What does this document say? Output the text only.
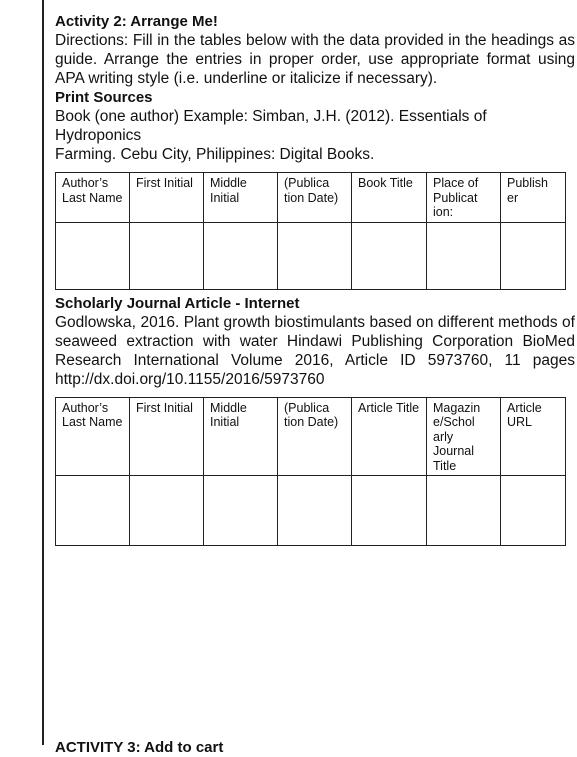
Activity 2: Arrange Me!

Directions: Fill in the tables below with the data provided in the headings as guide. Arrange the entries in proper order, use appropriate format using APA writing style (i.e. underline or italicize if necessary).

Print Sources

Book (one author) Example: Simban, J.H. (2012). Essentials of

Hydroponics

Farming. Cebu City, Philippines: Digital Books.

Author’s Last Name	First Initial	Middle Initial	(Publica tion Date)	Book Title	Place of Publicat ion:	Publish er

Scholarly Journal Article - Internet

Godlowska, 2016. Plant growth biostimulants based on different methods of seaweed extraction with water Hindawi Publishing Corporation BioMed Research International Volume 2016, Article ID 5973760, 11 pages http://dx.doi.org/10.1155/2016/5973760

Author’s Last Name	First Initial	Middle Initial	(Publica tion Date)	Article Title	Magazin e/Schol arly Journal Title	Article URL

ACTIVITY 3: Add to cart
